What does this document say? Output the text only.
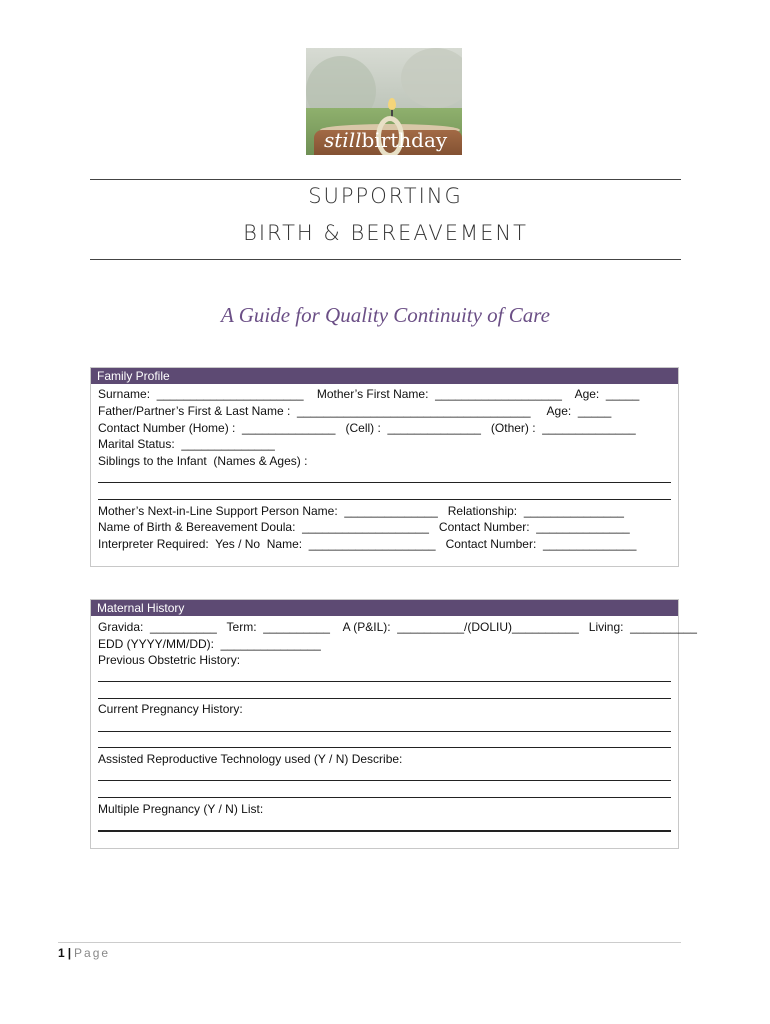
stillbirthday
SUPPORTING
BIRTH & BEREAVEMENT
A Guide for Quality Continuity of Care
Family Profile
Surname:  ______________________    Mother’s First Name:  ___________________    Age:  _____
Father/Partner’s First & Last Name :  ___________________________________     Age:  _____
Contact Number (Home) :  ______________   (Cell) :  ______________   (Other) :  ______________
Marital Status:  ______________
Siblings to the Infant  (Names & Ages) :
Mother’s Next-in-Line Support Person Name:  ______________   Relationship:  _______________
Name of Birth & Bereavement Doula:  ___________________   Contact Number:  ______________
Interpreter Required:  Yes / No  Name:  ___________________   Contact Number:  ______________
Maternal History
Gravida:  __________   Term:  __________    A (P&IL):  __________/(DOLIU)__________   Living:  __________
EDD (YYYY/MM/DD):  _______________
Previous Obstetric History:
Current Pregnancy History:
Assisted Reproductive Technology used (Y / N) Describe:
Multiple Pregnancy (Y / N) List:
1 | Page
